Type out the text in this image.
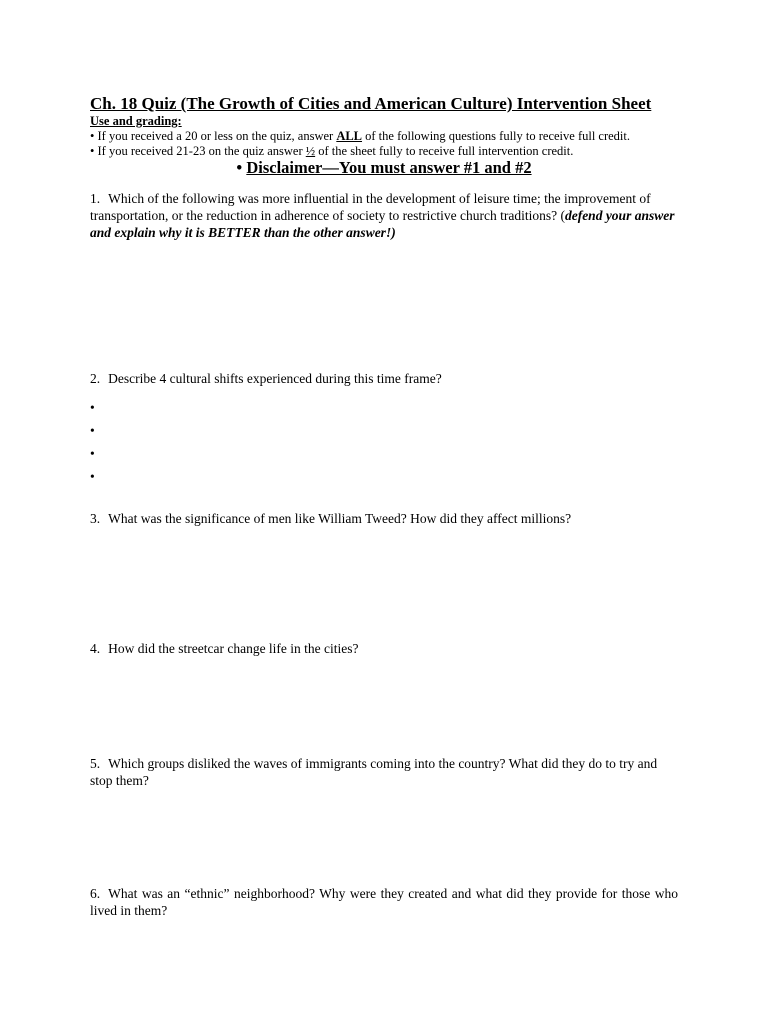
Ch. 18 Quiz (The Growth of Cities and American Culture) Intervention Sheet
Use and grading:
• If you received a 20 or less on the quiz, answer ALL of the following questions fully to receive full credit.
• If you received 21-23 on the quiz answer ½ of the sheet fully to receive full intervention credit.
• Disclaimer—You must answer #1 and #2
1. Which of the following was more influential in the development of leisure time; the improvement of transportation, or the reduction in adherence of society to restrictive church traditions? (defend your answer and explain why it is BETTER than the other answer!)
2. Describe 4 cultural shifts experienced during this time frame?
•
•
•
•
3. What was the significance of men like William Tweed? How did they affect millions?
4. How did the streetcar change life in the cities?
5. Which groups disliked the waves of immigrants coming into the country? What did they do to try and stop them?
6. What was an “ethnic” neighborhood? Why were they created and what did they provide for those who lived in them?
